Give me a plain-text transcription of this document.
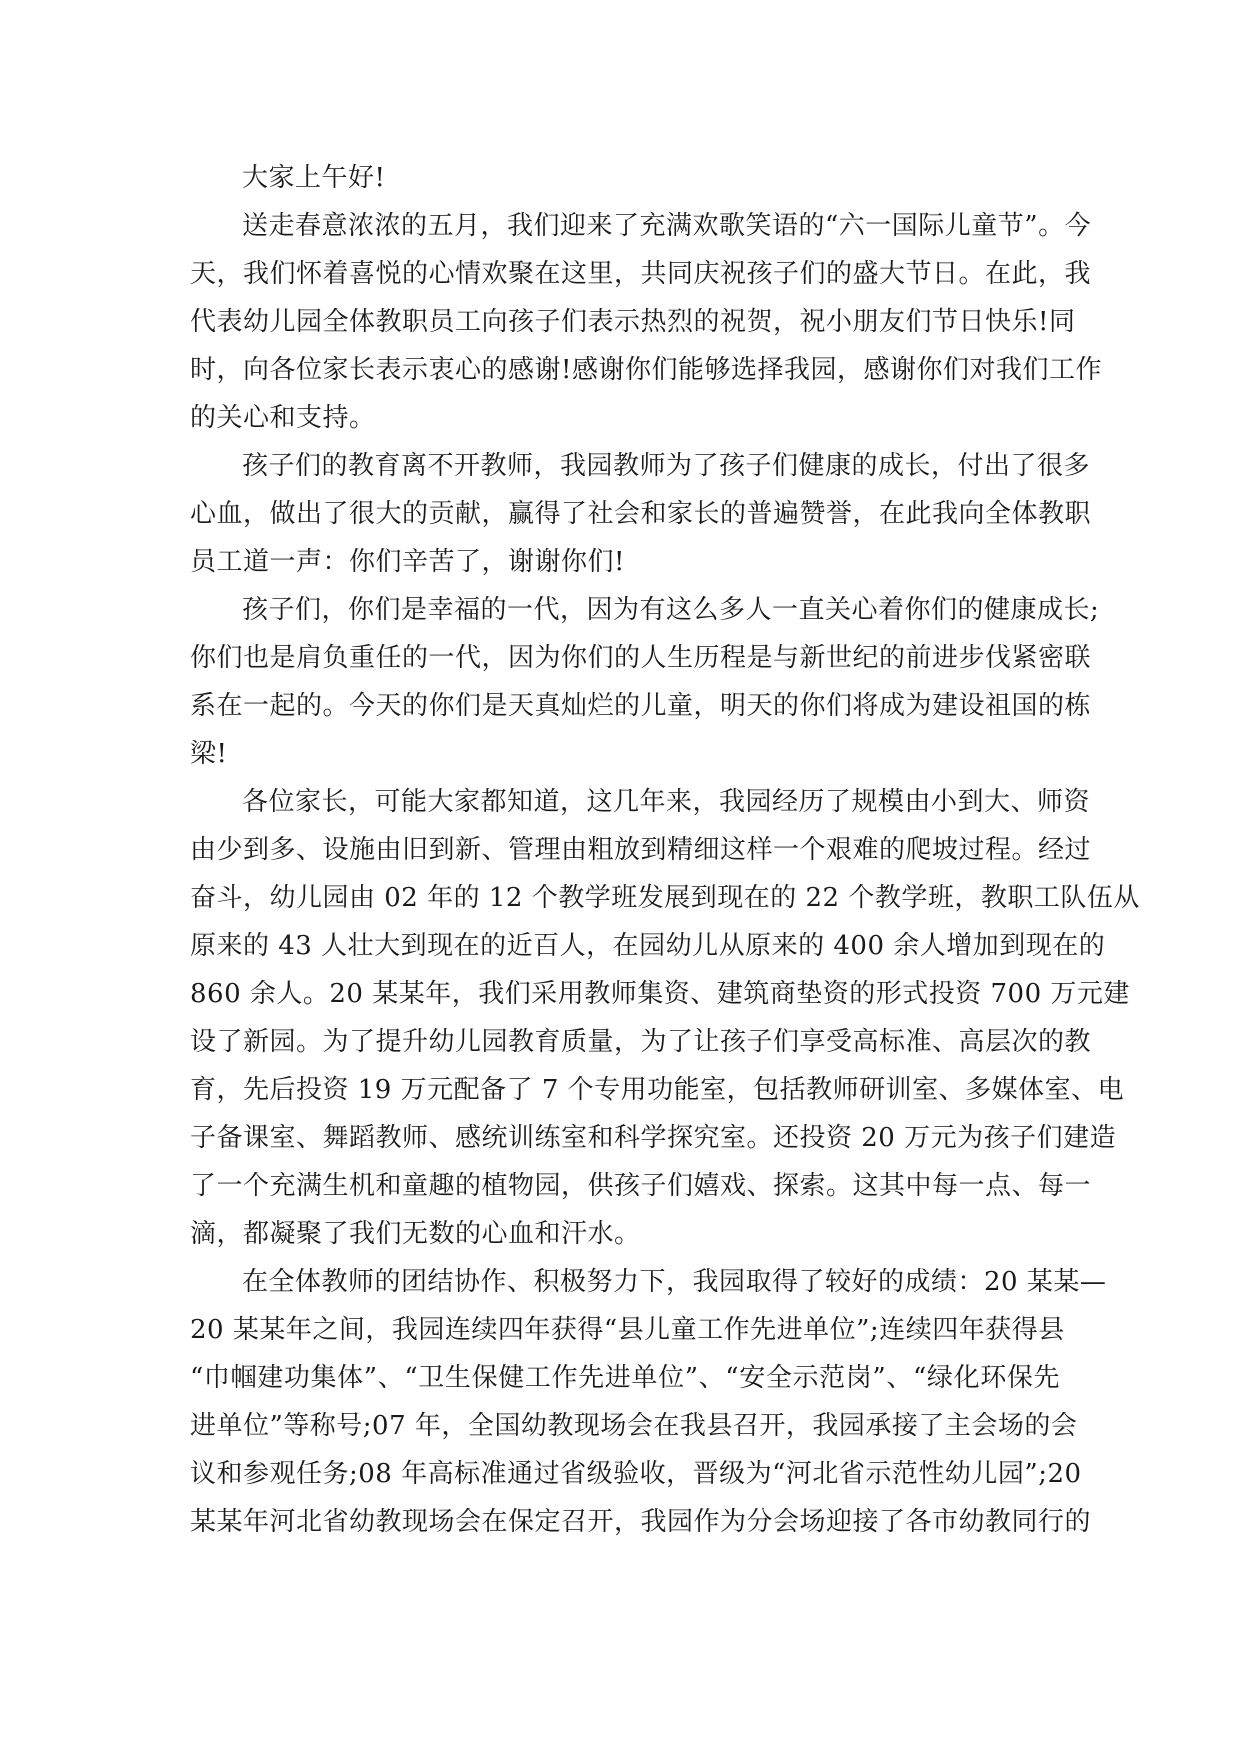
大家上午好!
送走春意浓浓的五月，我们迎来了充满欢歌笑语的“六一国际儿童节”。今
天，我们怀着喜悦的心情欢聚在这里，共同庆祝孩子们的盛大节日。在此，我
代表幼儿园全体教职员工向孩子们表示热烈的祝贺，祝小朋友们节日快乐!同
时，向各位家长表示衷心的感谢!感谢你们能够选择我园，感谢你们对我们工作
的关心和支持。
孩子们的教育离不开教师，我园教师为了孩子们健康的成长，付出了很多
心血，做出了很大的贡献，赢得了社会和家长的普遍赞誉，在此我向全体教职
员工道一声：你们辛苦了，谢谢你们!
孩子们，你们是幸福的一代，因为有这么多人一直关心着你们的健康成长;
你们也是肩负重任的一代，因为你们的人生历程是与新世纪的前进步伐紧密联
系在一起的。今天的你们是天真灿烂的儿童，明天的你们将成为建设祖国的栋
梁!
各位家长，可能大家都知道，这几年来，我园经历了规模由小到大、师资
由少到多、设施由旧到新、管理由粗放到精细这样一个艰难的爬坡过程。经过
奋斗，幼儿园由 02 年的 12 个教学班发展到现在的 22 个教学班，教职工队伍从
原来的 43 人壮大到现在的近百人，在园幼儿从原来的 400 余人增加到现在的
860 余人。20 某某年，我们采用教师集资、建筑商垫资的形式投资 700 万元建
设了新园。为了提升幼儿园教育质量，为了让孩子们享受高标准、高层次的教
育，先后投资 19 万元配备了 7 个专用功能室，包括教师研训室、多媒体室、电
子备课室、舞蹈教师、感统训练室和科学探究室。还投资 20 万元为孩子们建造
了一个充满生机和童趣的植物园，供孩子们嬉戏、探索。这其中每一点、每一
滴，都凝聚了我们无数的心血和汗水。
在全体教师的团结协作、积极努力下，我园取得了较好的成绩：20 某某—
20 某某年之间，我园连续四年获得“县儿童工作先进单位”;连续四年获得县
“巾帼建功集体”、“卫生保健工作先进单位”、“安全示范岗”、“绿化环保先
进单位”等称号;07 年，全国幼教现场会在我县召开，我园承接了主会场的会
议和参观任务;08 年高标准通过省级验收，晋级为“河北省示范性幼儿园”;20
某某年河北省幼教现场会在保定召开，我园作为分会场迎接了各市幼教同行的
